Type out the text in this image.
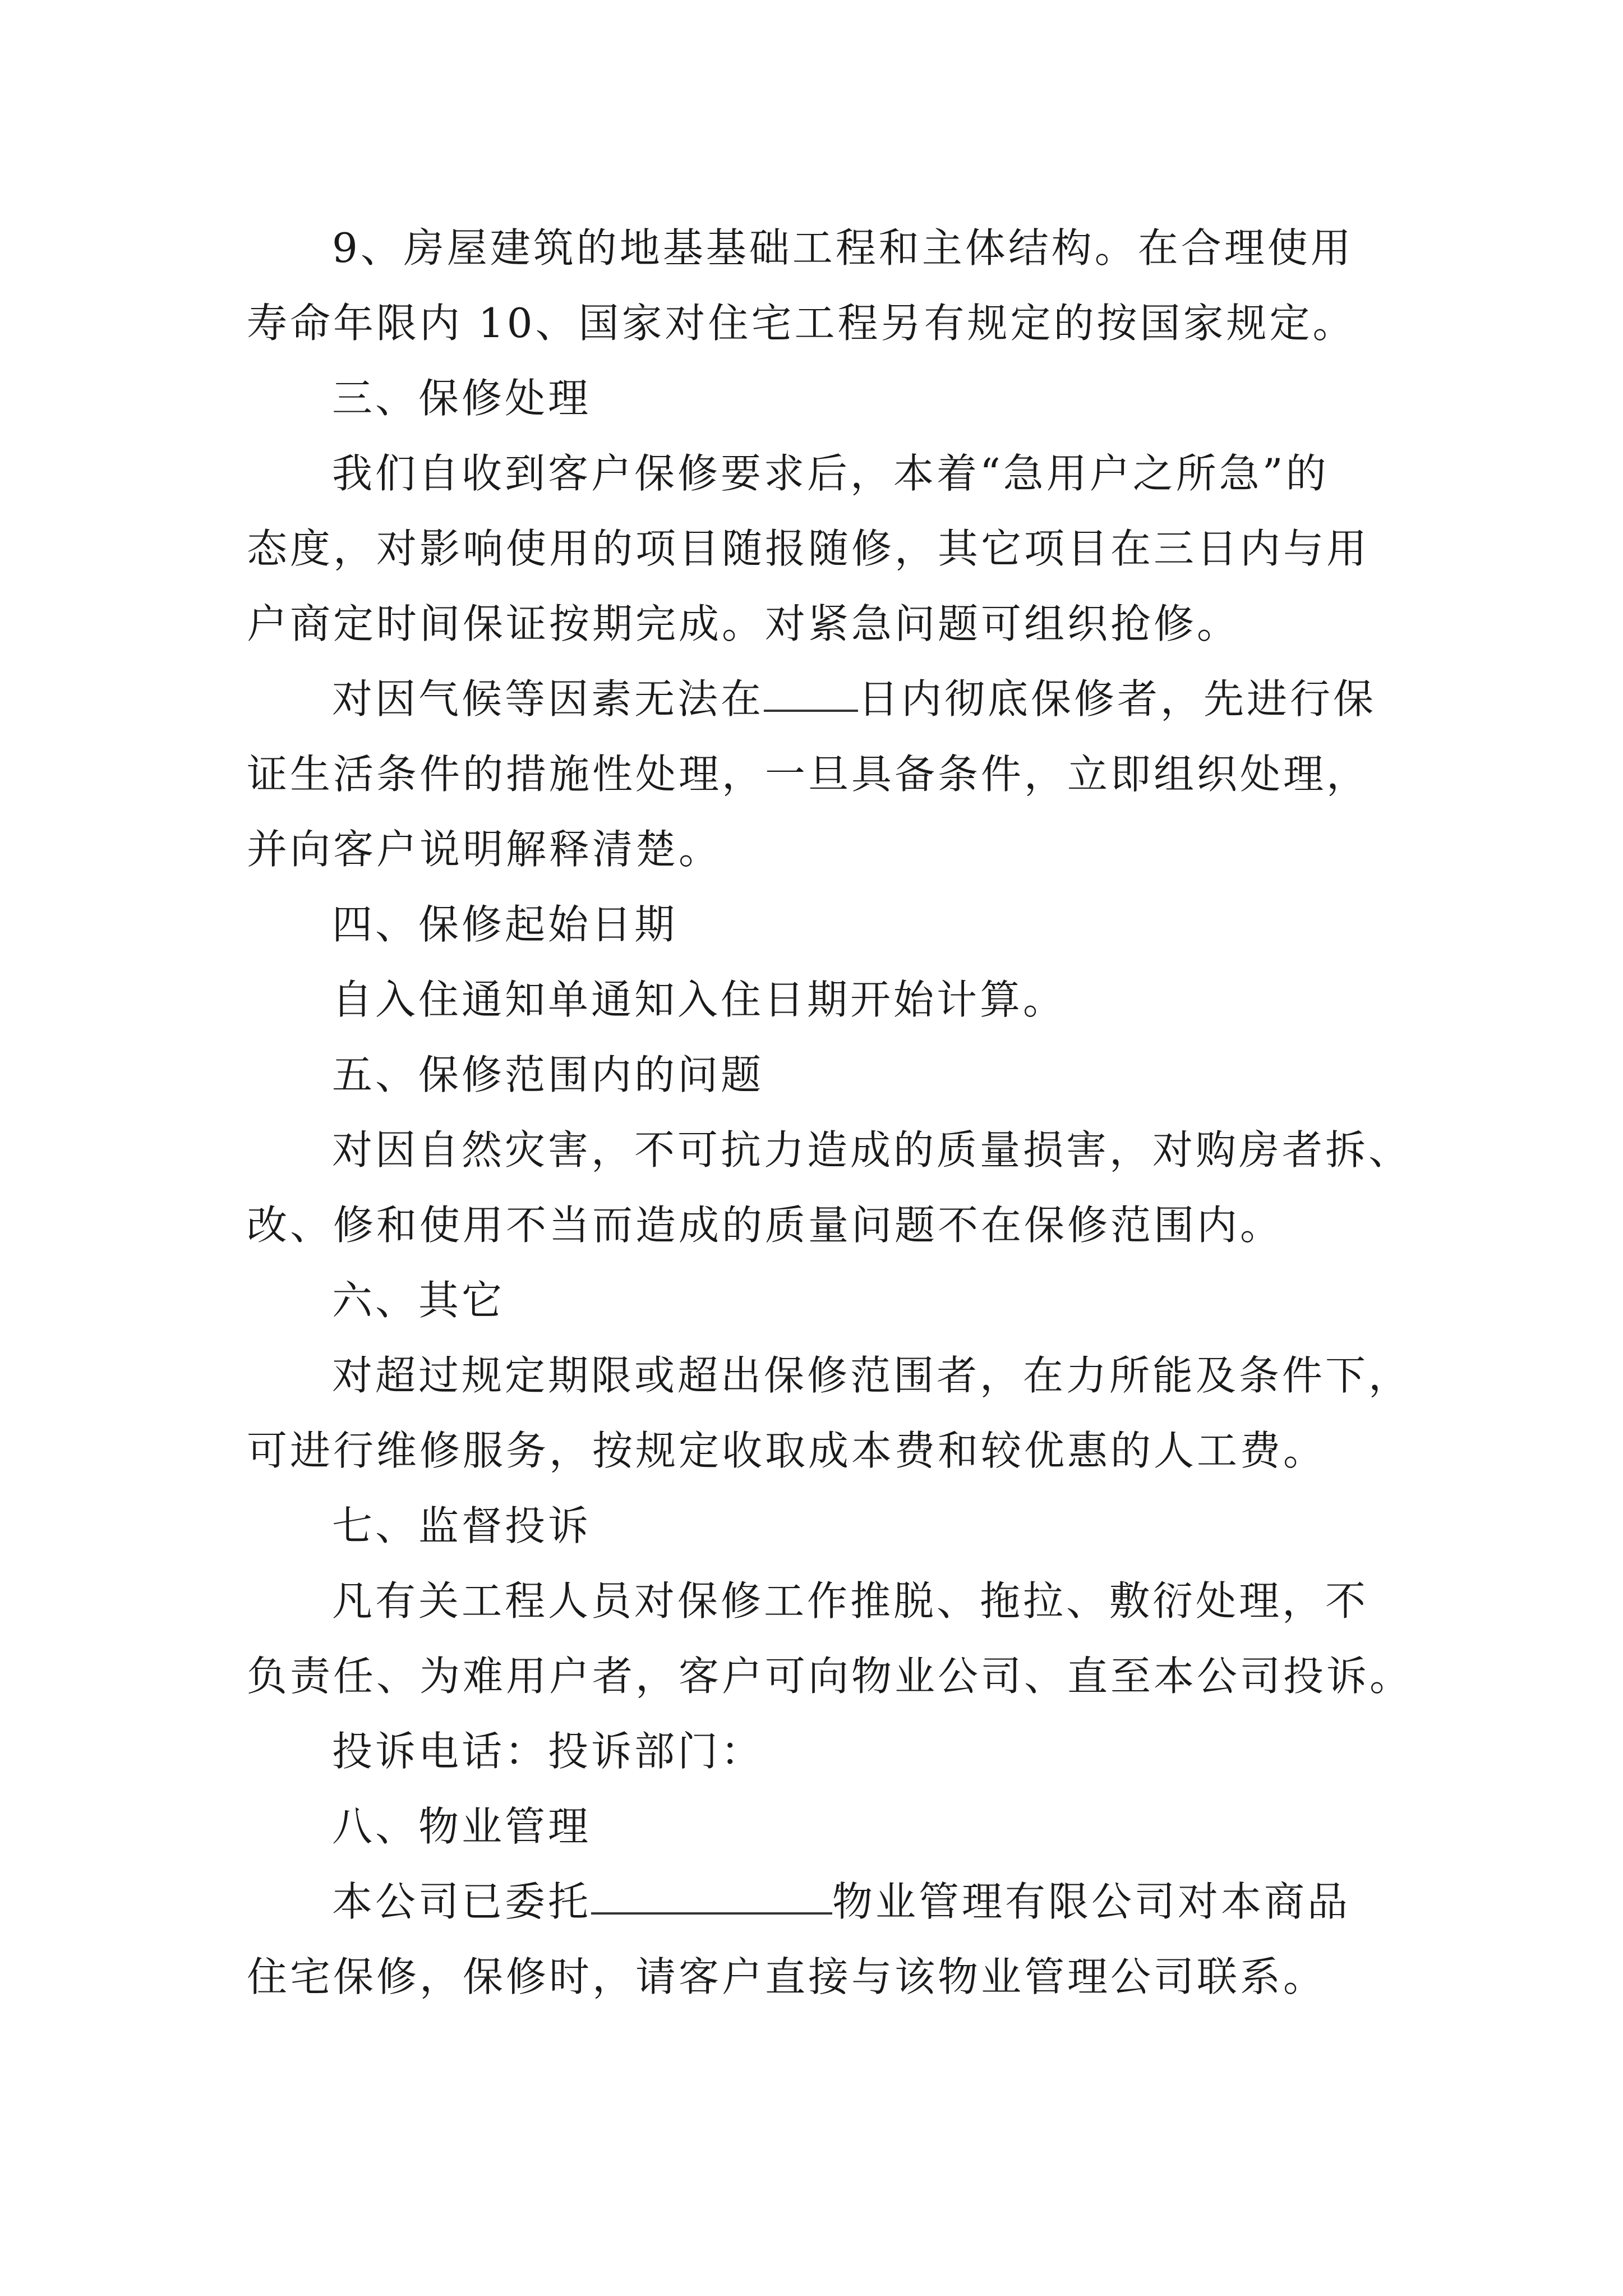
9、房屋建筑的地基基础工程和主体结构。在合理使用
寿命年限内 10、国家对住宅工程另有规定的按国家规定。
三、保修处理
我们自收到客户保修要求后，本着“急用户之所急”的
态度，对影响使用的项目随报随修，其它项目在三日内与用
户商定时间保证按期完成。对紧急问题可组织抢修。
对因气候等因素无法在 日内彻底保修者，先进行保
证生活条件的措施性处理，一旦具备条件，立即组织处理，
并向客户说明解释清楚。
四、保修起始日期
自入住通知单通知入住日期开始计算。
五、保修范围内的问题
对因自然灾害，不可抗力造成的质量损害，对购房者拆、
改、修和使用不当而造成的质量问题不在保修范围内。
六、其它
对超过规定期限或超出保修范围者，在力所能及条件下，
可进行维修服务，按规定收取成本费和较优惠的人工费。
七、监督投诉
凡有关工程人员对保修工作推脱、拖拉、敷衍处理，不
负责任、为难用户者，客户可向物业公司、直至本公司投诉。
投诉电话：投诉部门：
八、物业管理
本公司已委托	物业管理有限公司对本商品
住宅保修，保修时，请客户直接与该物业管理公司联系。
